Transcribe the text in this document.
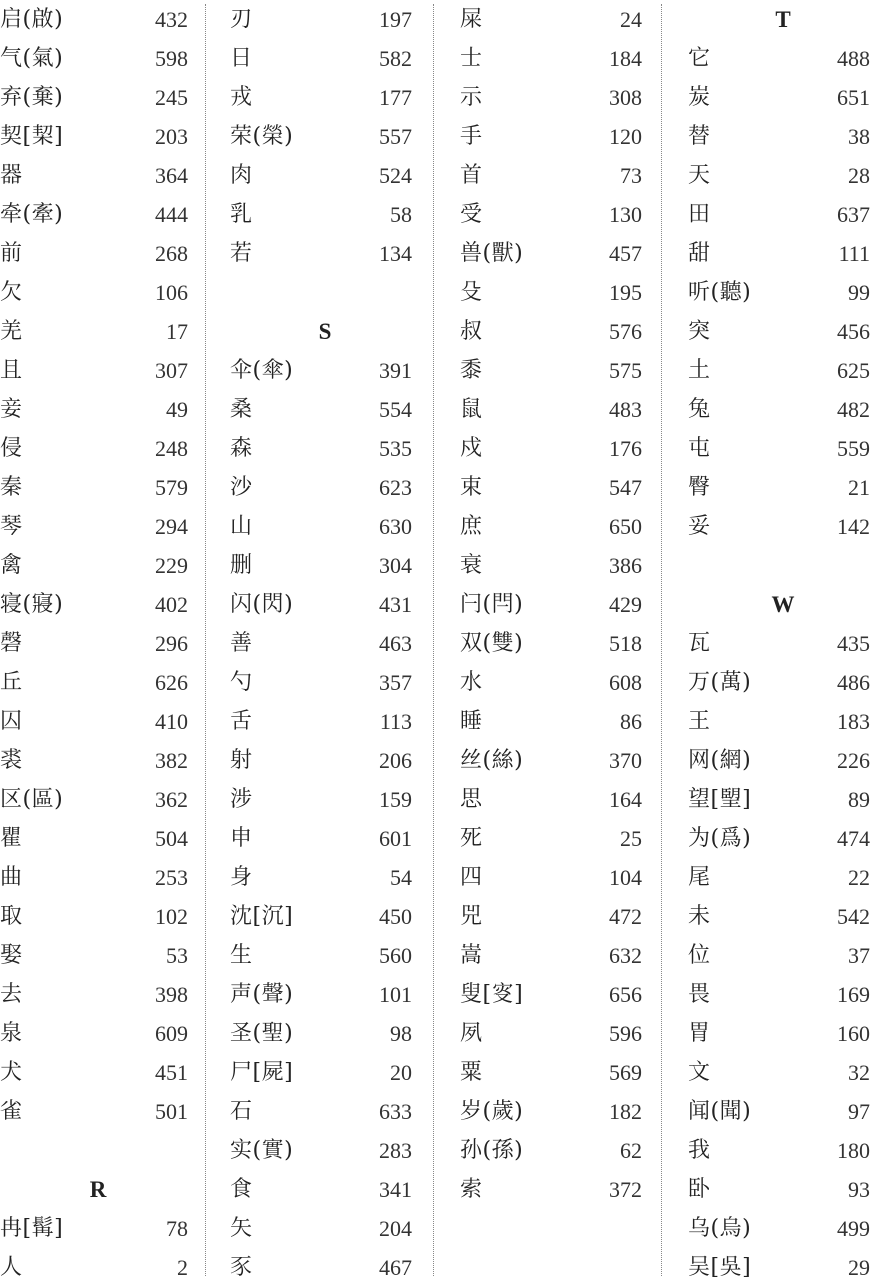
启(啟)	432
气(氣)	598
弃(棄)	245
契[栔]	203
器	364
牵(牽)	444
前	268
欠	106
羌	17
且	307
妾	49
侵	248
秦	579
琴	294
禽	229
寝(寢)	402
磬	296
丘	626
囚	410
裘	382
区(區)	362
瞿	504
曲	253
取	102
娶	53
去	398
泉	609
犬	451
雀	501
R
冉[髯]	78
人	2
刃	197
日	582
戎	177
荣(榮)	557
肉	524
乳	58
若	134
S
伞(傘)	391
桑	554
森	535
沙	623
山	630
删	304
闪(閃)	431
善	463
勺	357
舌	113
射	206
涉	159
申	601
身	54
沈[沉]	450
生	560
声(聲)	101
圣(聖)	98
尸[屍]	20
石	633
实(實)	283
食	341
矢	204
豕	467
屎	24
士	184
示	308
手	120
首	73
受	130
兽(獸)	457
殳	195
叔	576
黍	575
鼠	483
戍	176
束	547
庶	650
衰	386
闩(閂)	429
双(雙)	518
水	608
睡	86
丝(絲)	370
思	164
死	25
四	104
兕	472
嵩	632
叟[叜]	656
夙	596
粟	569
岁(歲)	182
孙(孫)	62
索	372
T
它	488
炭	651
替	38
天	28
田	637
甜	111
听(聽)	99
突	456
土	625
兔	482
屯	559
臀	21
妥	142
W
瓦	435
万(萬)	486
王	183
网(網)	226
望[朢]	89
为(爲)	474
尾	22
未	542
位	37
畏	169
胃	160
文	32
闻(聞)	97
我	180
卧	93
乌(烏)	499
吴[吳]	29
